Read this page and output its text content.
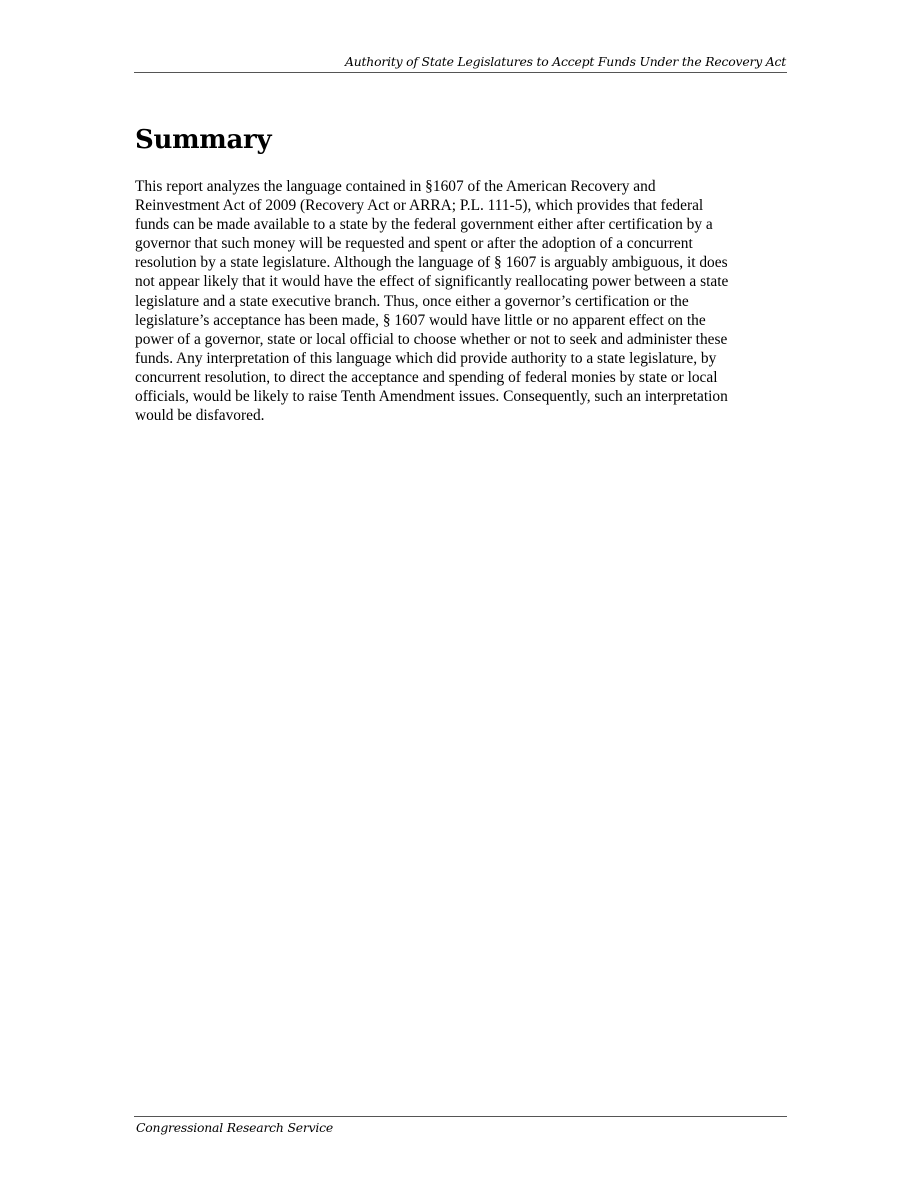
Authority of State Legislatures to Accept Funds Under the Recovery Act
Summary

This report analyzes the language contained in §1607 of the American Recovery and
Reinvestment Act of 2009 (Recovery Act or ARRA; P.L. 111-5), which provides that federal
funds can be made available to a state by the federal government either after certification by a
governor that such money will be requested and spent or after the adoption of a concurrent
resolution by a state legislature. Although the language of § 1607 is arguably ambiguous, it does
not appear likely that it would have the effect of significantly reallocating power between a state
legislature and a state executive branch. Thus, once either a governor’s certification or the
legislature’s acceptance has been made, § 1607 would have little or no apparent effect on the
power of a governor, state or local official to choose whether or not to seek and administer these
funds. Any interpretation of this language which did provide authority to a state legislature, by
concurrent resolution, to direct the acceptance and spending of federal monies by state or local
officials, would be likely to raise Tenth Amendment issues. Consequently, such an interpretation
would be disfavored.

Congressional Research Service
